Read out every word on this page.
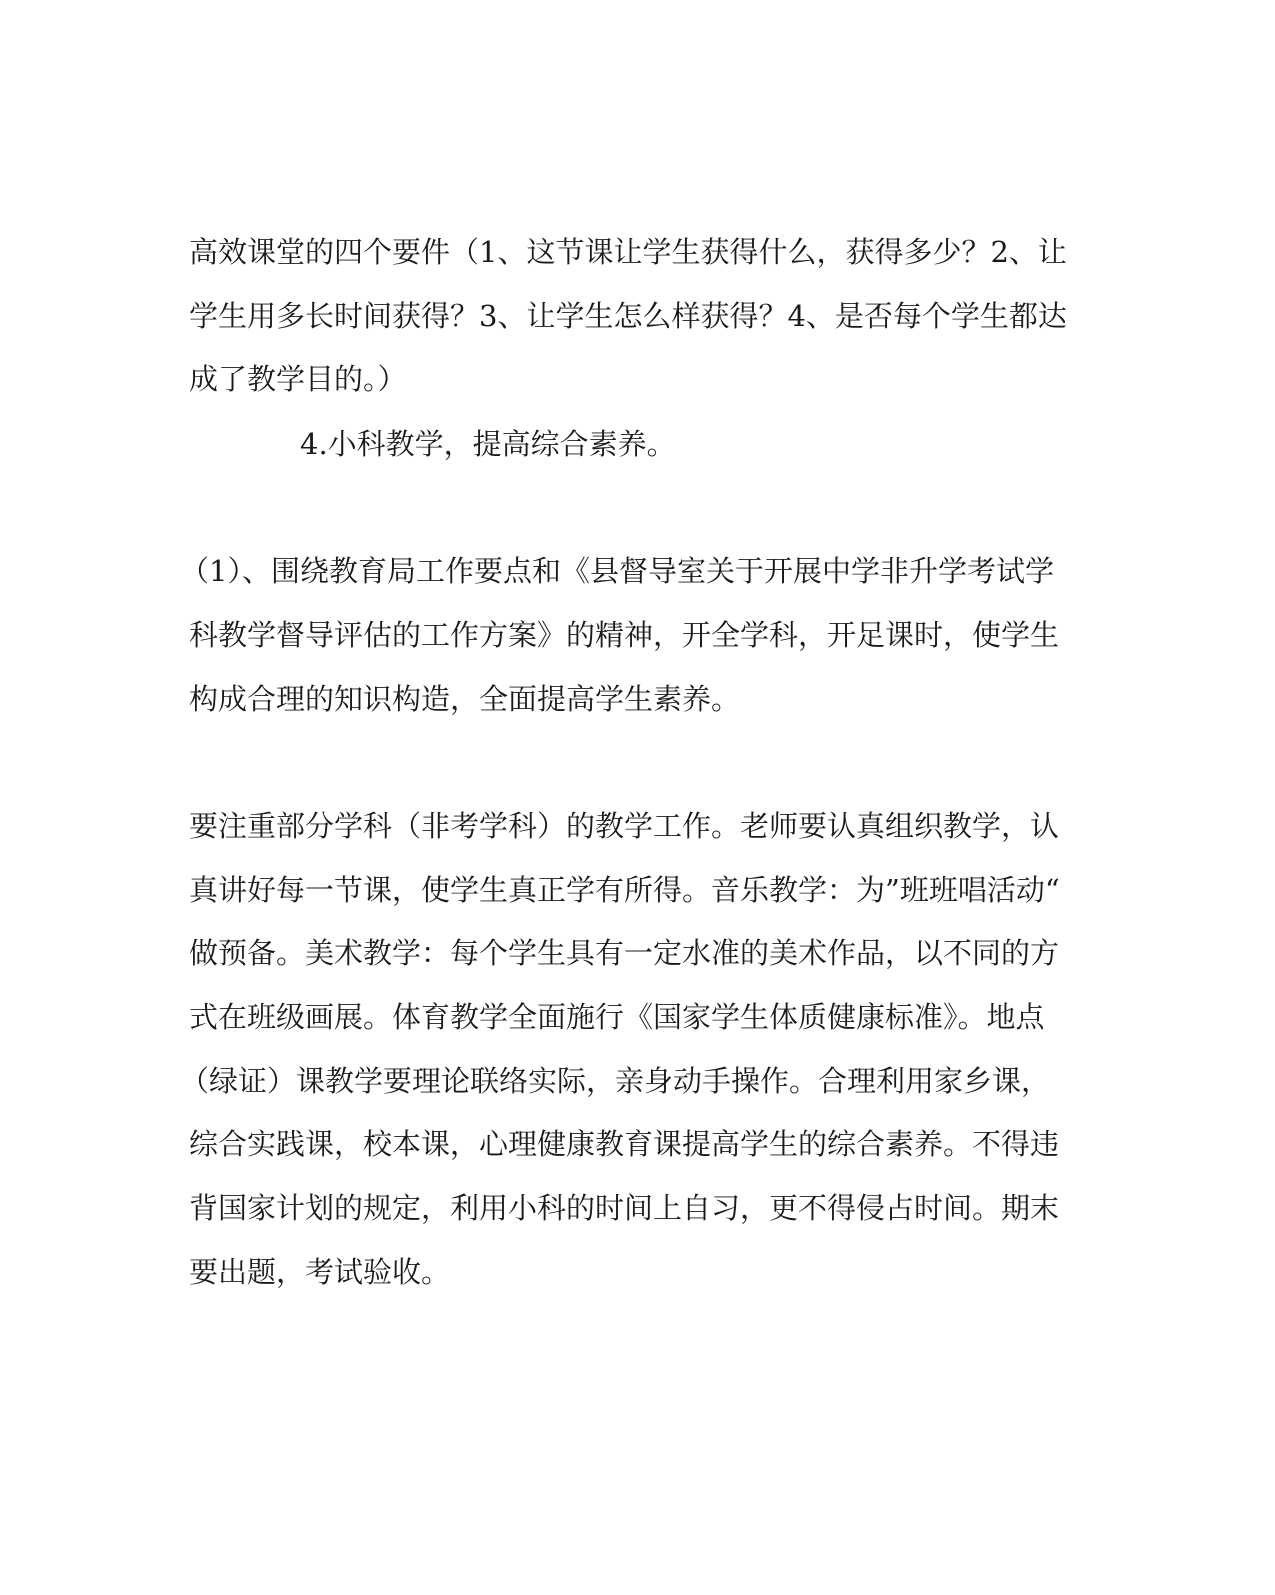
高效课堂的四个要件（1、这节课让学生获得什么，获得多少？2、让
学生用多长时间获得？3、让学生怎么样获得？4、是否每个学生都达
成了教学目的。）
4.小科教学，提高综合素养。
（1）、围绕教育局工作要点和《县督导室关于开展中学非升学考试学
科教学督导评估的工作方案》的精神，开全学科，开足课时，使学生
构成合理的知识构造，全面提高学生素养。
要注重部分学科（非考学科）的教学工作。老师要认真组织教学，认
真讲好每一节课，使学生真正学有所得。音乐教学：为”班班唱活动“
做预备。美术教学：每个学生具有一定水准的美术作品，以不同的方
式在班级画展。体育教学全面施行《国家学生体质健康标准》。地点
（绿证）课教学要理论联络实际，亲身动手操作。合理利用家乡课，
综合实践课，校本课，心理健康教育课提高学生的综合素养。不得违
背国家计划的规定，利用小科的时间上自习，更不得侵占时间。期末
要出题，考试验收。
